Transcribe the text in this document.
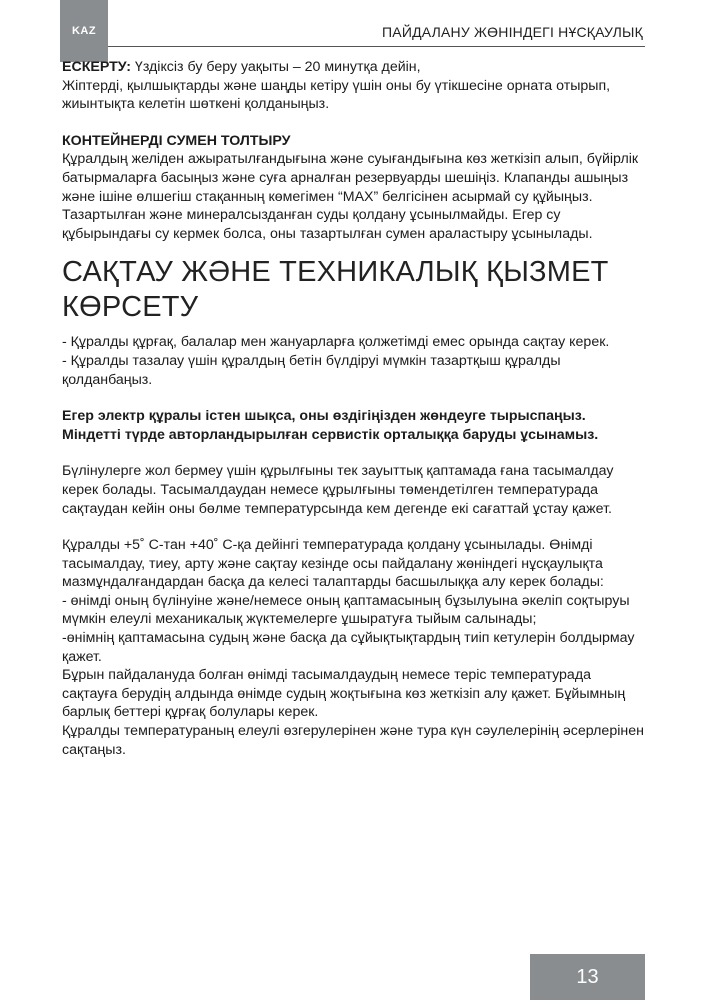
KAZ	ПАЙДАЛАНУ ЖӨНІНДЕГІ НҰСҚАУЛЫҚ

ЕСКЕРТУ: Үздіксіз бу беру уақыты – 20 минутқа дейін,

Жіптерді, қылшықтарды және шаңды кетіру үшін оны бу үтікшесіне орната отырып, жиынтықта келетін шөткені қолданыңыз.

КОНТЕЙНЕРДІ СУМЕН ТОЛТЫРУ

Құралдың желіден ажыратылғандығына және суығандығына көз жеткізіп алып, бүйірлік батырмаларға басыңыз және суға арналған резервуарды шешіңіз. Клапанды ашыңыз және ішіне өлшегіш стақанның көмегімен “MAX” белгісінен асырмай су құйыңыз. Тазартылған және минералсызданған суды қолдану ұсынылмайды. Егер су құбырындағы су кермек болса, оны тазартылған сумен араластыру ұсынылады.

САҚТАУ ЖӘНЕ ТЕХНИКАЛЫҚ ҚЫЗМЕТ КӨРСЕТУ

- Құралды құрғақ, балалар мен жануарларға қолжетімді емес орында сақтау керек.

- Құралды тазалау үшін құралдың бетін бүлдіруі мүмкін тазартқыш құралды қолданбаңыз.

Егер электр құралы істен шықса, оны өздігіңізден жөндеуге тырыспаңыз. Міндетті түрде авторландырылған сервистік орталыққа баруды ұсынамыз.

Бүлінулерге жол бермеу үшін құрылғыны тек зауыттық қаптамада ғана тасымалдау керек болады. Тасымалдаудан немесе құрылғыны төмендетілген температурада сақтаудан кейін оны бөлме температурсында кем дегенде екі сағаттай ұстау қажет.

Құралды +5˚ С-тан +40˚ С-қа дейінгі температурада қолдану ұсынылады. Өнімді тасымалдау, тиеу, арту және сақтау кезінде осы пайдалану жөніндегі нұсқаулықта мазмұндалғандардан басқа да келесі талаптарды басшылыққа алу керек болады:

- өнімді оның бүлінуіне және/немесе оның қаптамасының бұзылуына әкеліп соқтыруы мүмкін елеулі механикалық жүктемелерге ұшыратуға тыйым салынады;

-өнімнің қаптамасына судың және басқа да сұйықтықтардың тиіп кетулерін болдырмау қажет.

Бұрын пайдалануда болған өнімді тасымалдаудың немесе теріс температурада сақтауға берудің алдында өнімде судың жоқтығына көз жеткізіп алу қажет. Бұйымның барлық беттері құрғақ болулары керек.

Құралды температураның елеулі өзгерулерінен және тура күн сәулелерінің әсерлерінен сақтаңыз.

13
